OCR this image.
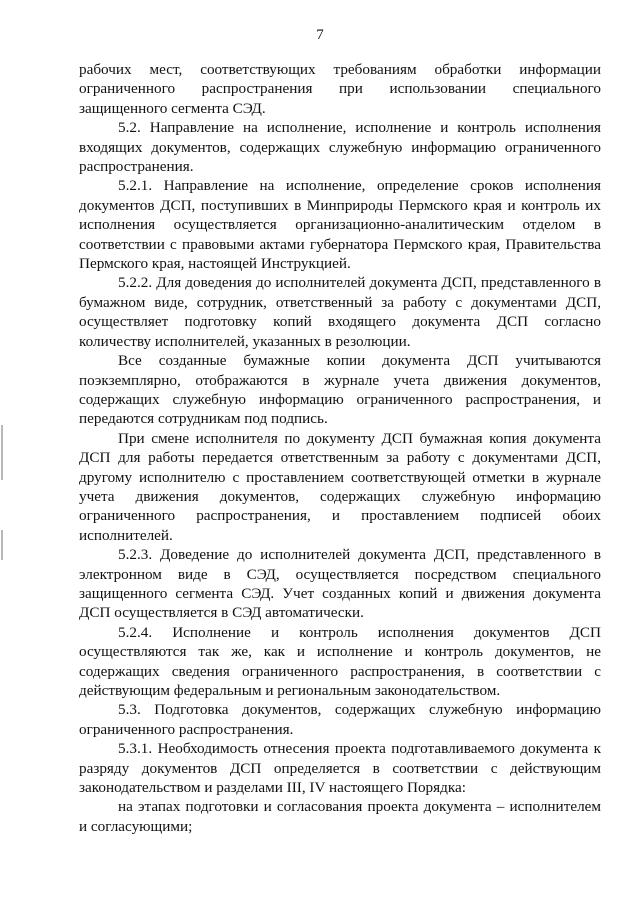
7

рабочих мест, соответствующих требованиям обработки информации ограниченного распространения при использовании специального защищенного сегмента СЭД.

5.2. Направление на исполнение, исполнение и контроль исполнения входящих документов, содержащих служебную информацию ограниченного распространения.

5.2.1. Направление на исполнение, определение сроков исполнения документов ДСП, поступивших в Минприроды Пермского края и контроль их исполнения осуществляется организационно-аналитическим отделом в соответствии с правовыми актами губернатора Пермского края, Правительства Пермского края, настоящей Инструкцией.

5.2.2. Для доведения до исполнителей документа ДСП, представленного в бумажном виде, сотрудник, ответственный за работу с документами ДСП, осуществляет подготовку копий входящего документа ДСП согласно количеству исполнителей, указанных в резолюции.

Все созданные бумажные копии документа ДСП учитываются поэкземплярно, отображаются в журнале учета движения документов, содержащих служебную информацию ограниченного распространения, и передаются сотрудникам под подпись.

При смене исполнителя по документу ДСП бумажная копия документа ДСП для работы передается ответственным за работу с документами ДСП, другому исполнителю с проставлением соответствующей отметки в журнале учета движения документов, содержащих служебную информацию ограниченного распространения, и проставлением подписей обоих исполнителей.

5.2.3. Доведение до исполнителей документа ДСП, представленного в электронном виде в СЭД, осуществляется посредством специального защищенного сегмента СЭД. Учет созданных копий и движения документа ДСП осуществляется в СЭД автоматически.

5.2.4. Исполнение и контроль исполнения документов ДСП осуществляются так же, как и исполнение и контроль документов, не содержащих сведения ограниченного распространения, в соответствии с действующим федеральным и региональным законодательством.

5.3. Подготовка документов, содержащих служебную информацию ограниченного распространения.

5.3.1. Необходимость отнесения проекта подготавливаемого документа к разряду документов ДСП определяется в соответствии с действующим законодательством и разделами III, IV настоящего Порядка:

на этапах подготовки и согласования проекта документа – исполнителем и согласующими;
